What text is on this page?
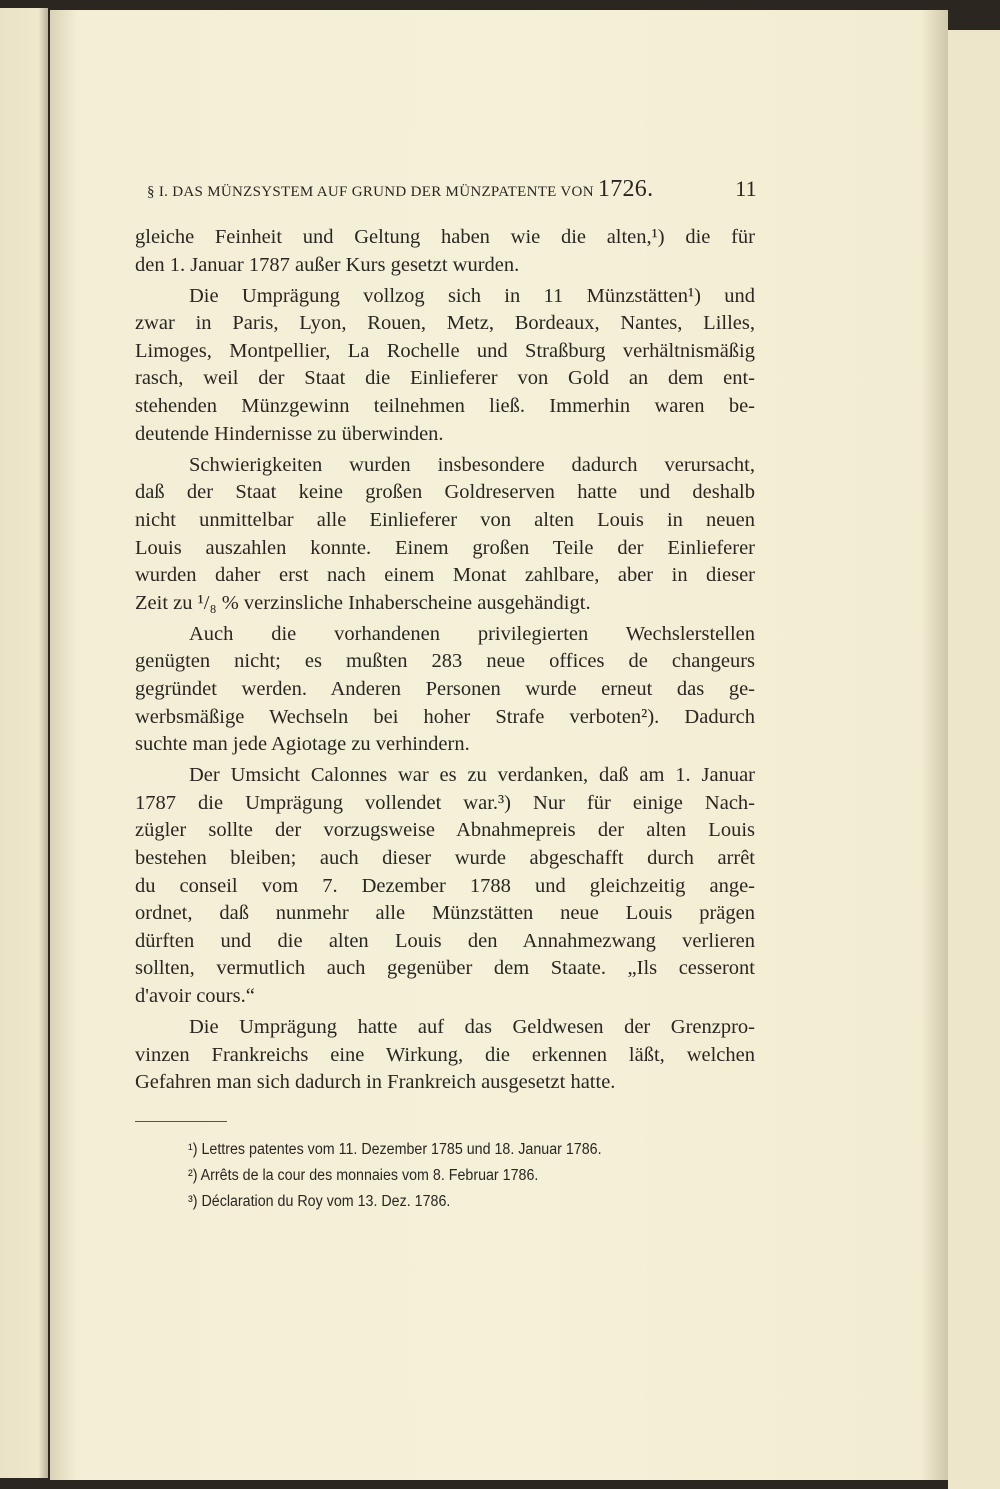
§ I. DAS MÜNZSYSTEM AUF GRUND DER MÜNZPATENTE VON 1726.	11
gleiche Feinheit und Geltung haben wie die alten,¹) die für
den 1. Januar 1787 außer Kurs gesetzt wurden.
Die Umprägung vollzog sich in 11 Münzstätten¹) und
zwar in Paris, Lyon, Rouen, Metz, Bordeaux, Nantes, Lilles,
Limoges, Montpellier, La Rochelle und Straßburg verhältnismäßig
rasch, weil der Staat die Einlieferer von Gold an dem ent-
stehenden Münzgewinn teilnehmen ließ. Immerhin waren be-
deutende Hindernisse zu überwinden.
Schwierigkeiten wurden insbesondere dadurch verursacht,
daß der Staat keine großen Goldreserven hatte und deshalb
nicht unmittelbar alle Einlieferer von alten Louis in neuen
Louis auszahlen konnte. Einem großen Teile der Einlieferer
wurden daher erst nach einem Monat zahlbare, aber in dieser
Zeit zu ¹/₈ % verzinsliche Inhaberscheine ausgehändigt.
Auch die vorhandenen privilegierten Wechslerstellen
genügten nicht; es mußten 283 neue offices de changeurs
gegründet werden. Anderen Personen wurde erneut das ge-
werbsmäßige Wechseln bei hoher Strafe verboten²). Dadurch
suchte man jede Agiotage zu verhindern.
Der Umsicht Calonnes war es zu verdanken, daß am 1. Januar
1787 die Umprägung vollendet war.³) Nur für einige Nach-
zügler sollte der vorzugsweise Abnahmepreis der alten Louis
bestehen bleiben; auch dieser wurde abgeschafft durch arrêt
du conseil vom 7. Dezember 1788 und gleichzeitig ange-
ordnet, daß nunmehr alle Münzstätten neue Louis prägen
dürften und die alten Louis den Annahmezwang verlieren
sollten, vermutlich auch gegenüber dem Staate. „Ils cesseront
d'avoir cours.“
Die Umprägung hatte auf das Geldwesen der Grenzpro-
vinzen Frankreichs eine Wirkung, die erkennen läßt, welchen
Gefahren man sich dadurch in Frankreich ausgesetzt hatte.
¹) Lettres patentes vom 11. Dezember 1785 und 18. Januar 1786.
²) Arrêts de la cour des monnaies vom 8. Februar 1786.
³) Déclaration du Roy vom 13. Dez. 1786.
